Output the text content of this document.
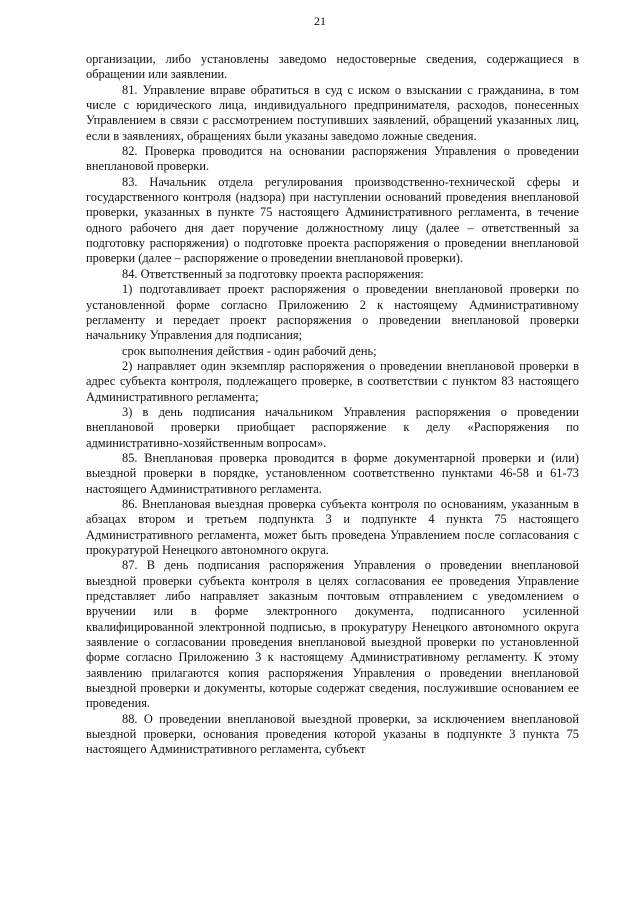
21

организации, либо установлены заведомо недостоверные сведения, содержащиеся в обращении или заявлении.

81. Управление вправе обратиться в суд с иском о взыскании с гражданина, в том числе с юридического лица, индивидуального предпринимателя, расходов, понесенных Управлением в связи с рассмотрением поступивших заявлений, обращений указанных лиц, если в заявлениях, обращениях были указаны заведомо ложные сведения.

82. Проверка проводится на основании распоряжения Управления о проведении внеплановой проверки.

83. Начальник отдела регулирования производственно-технической сферы и государственного контроля (надзора) при наступлении оснований проведения внеплановой проверки, указанных в пункте 75 настоящего Административного регламента, в течение одного рабочего дня дает поручение должностному лицу (далее – ответственный за подготовку распоряжения) о подготовке проекта распоряжения о проведении внеплановой проверки (далее – распоряжение о проведении внеплановой проверки).

84. Ответственный за подготовку проекта распоряжения:

1) подготавливает проект распоряжения о проведении внеплановой проверки по установленной форме согласно Приложению 2 к настоящему Административному регламенту и передает проект распоряжения о проведении внеплановой проверки начальнику Управления для подписания;

срок выполнения действия - один рабочий день;

2) направляет один экземпляр распоряжения о проведении внеплановой проверки в адрес субъекта контроля, подлежащего проверке, в соответствии с пунктом 83 настоящего Административного регламента;

3) в день подписания начальником Управления распоряжения о проведении внеплановой проверки приобщает распоряжение к делу «Распоряжения по административно-хозяйственным вопросам».

85. Внеплановая проверка проводится в форме документарной проверки и (или) выездной проверки в порядке, установленном соответственно пунктами 46-58 и 61-73 настоящего Административного регламента.

86. Внеплановая выездная проверка субъекта контроля по основаниям, указанным в абзацах втором и третьем подпункта 3 и подпункте 4 пункта 75 настоящего Административного регламента, может быть проведена Управлением после согласования с прокуратурой Ненецкого автономного округа.

87. В день подписания распоряжения Управления о проведении внеплановой выездной проверки субъекта контроля в целях согласования ее проведения Управление представляет либо направляет заказным почтовым отправлением с уведомлением о вручении или в форме электронного документа, подписанного усиленной квалифицированной электронной подписью, в прокуратуру Ненецкого автономного округа заявление о согласовании проведения внеплановой выездной проверки по установленной форме согласно Приложению 3 к настоящему Административному регламенту. К этому заявлению прилагаются копия распоряжения Управления о проведении внеплановой выездной проверки и документы, которые содержат сведения, послужившие основанием ее проведения.

88. О проведении внеплановой выездной проверки, за исключением внеплановой выездной проверки, основания проведения которой указаны в подпункте 3 пункта 75 настоящего Административного регламента, субъект
